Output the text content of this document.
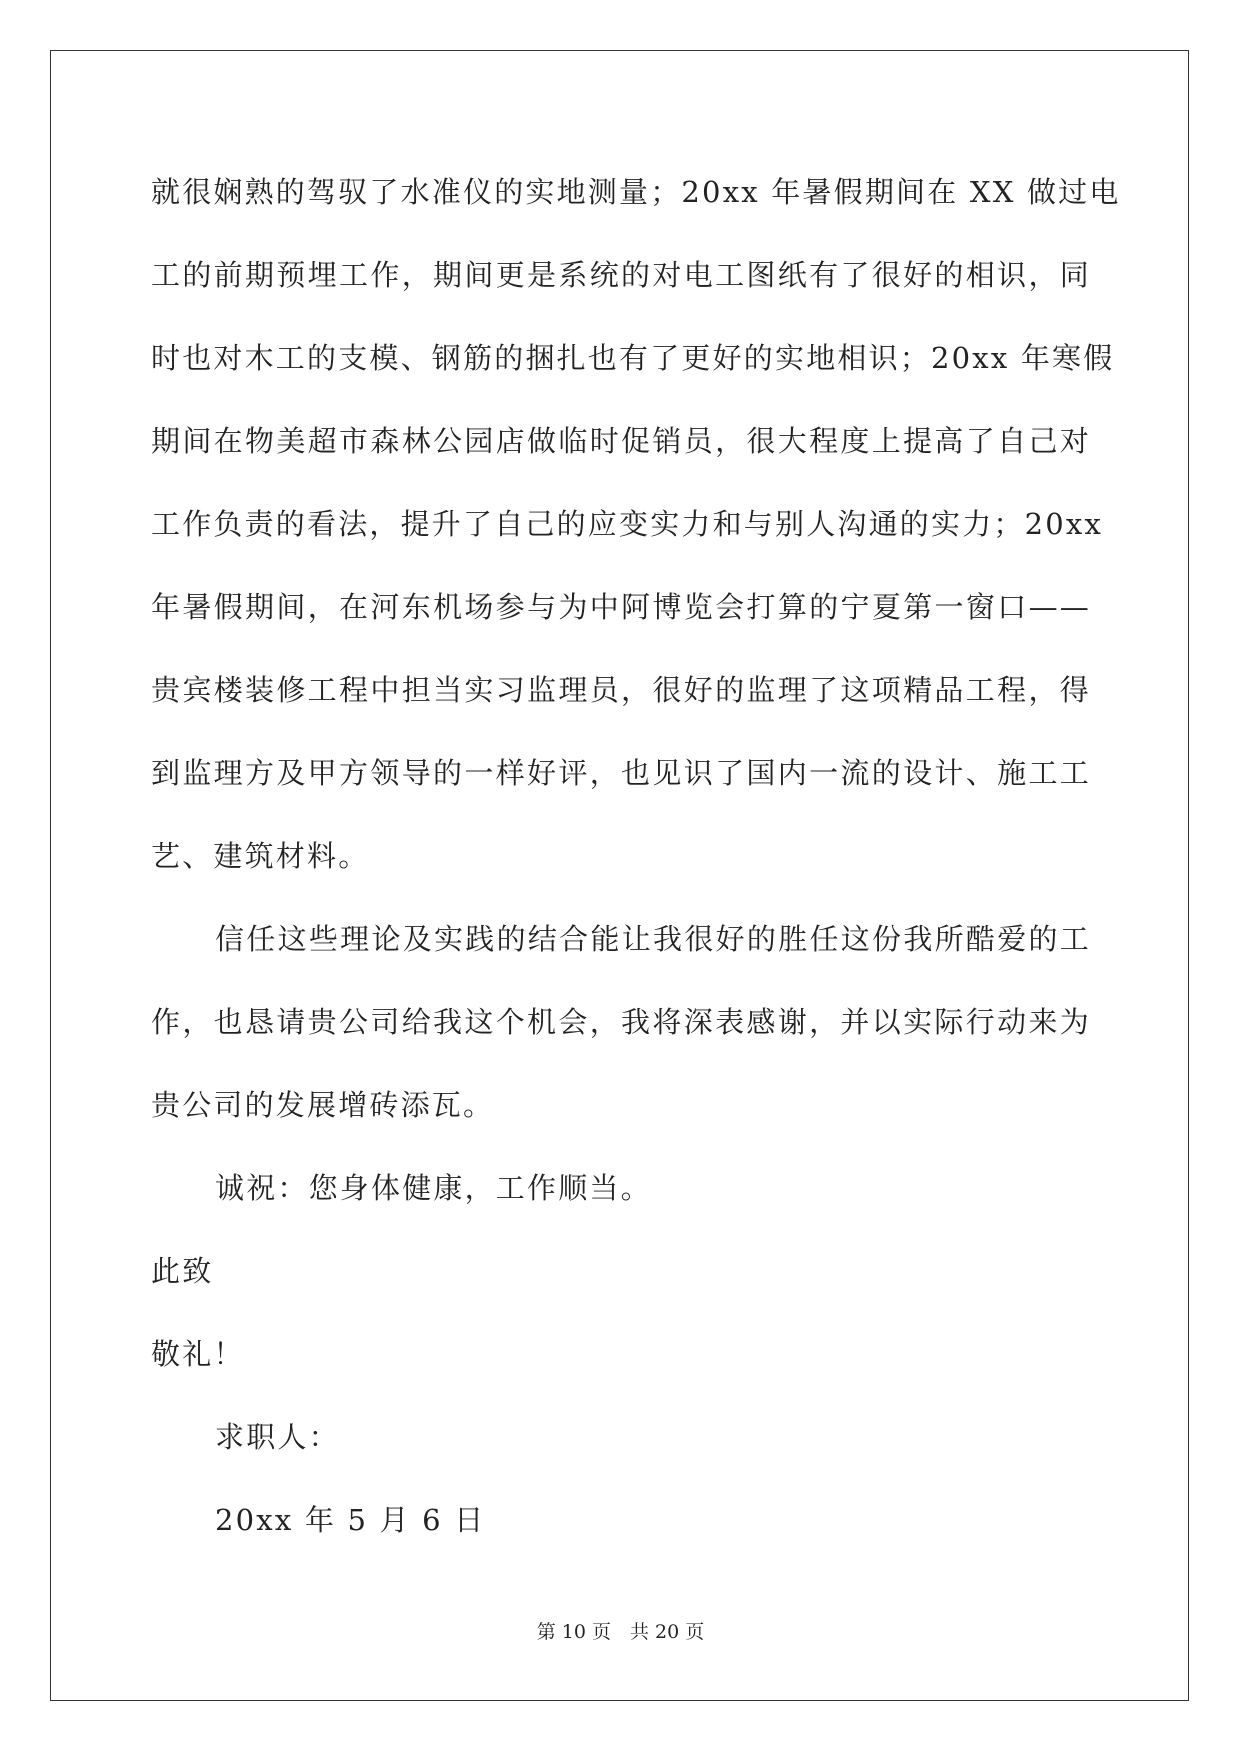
就很娴熟的驾驭了水准仪的实地测量；20xx 年暑假期间在 XX 做过电
工的前期预埋工作，期间更是系统的对电工图纸有了很好的相识，同
时也对木工的支模、钢筋的捆扎也有了更好的实地相识；20xx 年寒假
期间在物美超市森林公园店做临时促销员，很大程度上提高了自己对
工作负责的看法，提升了自己的应变实力和与别人沟通的实力；20xx
年暑假期间，在河东机场参与为中阿博览会打算的宁夏第一窗口——
贵宾楼装修工程中担当实习监理员，很好的监理了这项精品工程，得
到监理方及甲方领导的一样好评，也见识了国内一流的设计、施工工
艺、建筑材料。
信任这些理论及实践的结合能让我很好的胜任这份我所酷爱的工
作，也恳请贵公司给我这个机会，我将深表感谢，并以实际行动来为
贵公司的发展增砖添瓦。
诚祝：您身体健康，工作顺当。
此致
敬礼！
求职人：
20xx 年 5 月 6 日
第 10 页　共 20 页
